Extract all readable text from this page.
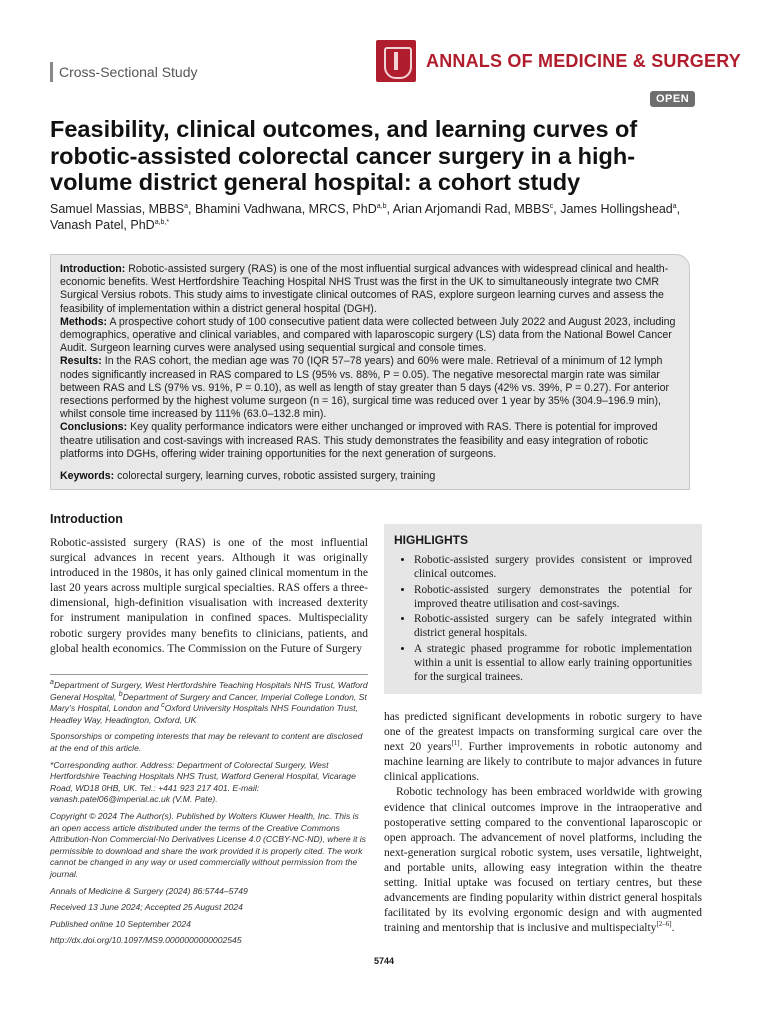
Cross-Sectional Study
ANNALS OF MEDICINE & SURGERY
OPEN
Feasibility, clinical outcomes, and learning curves of robotic-assisted colorectal cancer surgery in a high-volume district general hospital: a cohort study
Samuel Massias, MBBS$^a$, Bhamini Vadhwana, MRCS, PhD$^{a,b}$, Arian Arjomandi Rad, MBBS$^c$, James Hollingshead$^a$, Vanash Patel, PhD$^{a,b,*}$

Introduction: Robotic-assisted surgery (RAS) is one of the most influential surgical advances with widespread clinical and health-economic benefits. West Hertfordshire Teaching Hospital NHS Trust was the first in the UK to simultaneously integrate two CMR Surgical Versius robots. This study aims to investigate clinical outcomes of RAS, explore surgeon learning curves and assess the feasibility of implementation within a district general hospital (DGH).

Methods: A prospective cohort study of 100 consecutive patient data were collected between July 2022 and August 2023, including demographics, operative and clinical variables, and compared with laparoscopic surgery (LS) data from the National Bowel Cancer Audit. Surgeon learning curves were analysed using sequential surgical and console times.

Results: In the RAS cohort, the median age was 70 (IQR 57–78 years) and 60% were male. Retrieval of a minimum of 12 lymph nodes significantly increased in RAS compared to LS (95% vs. 88%, P = 0.05). The negative mesorectal margin rate was similar between RAS and LS (97% vs. 91%, P = 0.10), as well as length of stay greater than 5 days (42% vs. 39%, P = 0.27). For anterior resections performed by the highest volume surgeon (n = 16), surgical time was reduced over 1 year by 35% (304.9–196.9 min), whilst console time increased by 111% (63.0–132.8 min).

Conclusions: Key quality performance indicators were either unchanged or improved with RAS. There is potential for improved theatre utilisation and cost-savings with increased RAS. This study demonstrates the feasibility and easy integration of robotic platforms into DGHs, offering wider training opportunities for the next generation of surgeons.

Keywords: colorectal surgery, learning curves, robotic assisted surgery, training

Introduction

Robotic-assisted surgery (RAS) is one of the most influential surgical advances in recent years. Although it was originally introduced in the 1980s, it has only gained clinical momentum in the last 20 years across multiple surgical specialties. RAS offers a three-dimensional, high-definition visualisation with increased dexterity for instrument manipulation in confined spaces. Multispeciality robotic surgery provides many benefits to clinicians, patients, and global health economics. The Commission on the Future of Surgery

$^a$Department of Surgery, West Hertfordshire Teaching Hospitals NHS Trust, Watford General Hospital, $^b$Department of Surgery and Cancer, Imperial College London, St Mary’s Hospital, London and $^c$Oxford University Hospitals NHS Foundation Trust, Headley Way, Headington, Oxford, UK

Sponsorships or competing interests that may be relevant to content are disclosed at the end of this article.

*Corresponding author. Address: Department of Colorectal Surgery, West Hertfordshire Teaching Hospitals NHS Trust, Watford General Hospital, Vicarage Road, WD18 0HB, UK. Tel.: +441 923 217 401. E-mail: vanash.patel06@imperial.ac.uk (V.M. Pate).

Copyright © 2024 The Author(s). Published by Wolters Kluwer Health, Inc. This is an open access article distributed under the terms of the Creative Commons Attribution-Non Commercial-No Derivatives License 4.0 (CCBY-NC-ND), where it is permissible to download and share the work provided it is properly cited. The work cannot be changed in any way or used commercially without permission from the journal.

Annals of Medicine & Surgery (2024) 86:5744–5749

Received 13 June 2024; Accepted 25 August 2024

Published online 10 September 2024

http://dx.doi.org/10.1097/MS9.0000000000002545

HIGHLIGHTS
• Robotic-assisted surgery provides consistent or improved clinical outcomes.
• Robotic-assisted surgery demonstrates the potential for improved theatre utilisation and cost-savings.
• Robotic-assisted surgery can be safely integrated within district general hospitals.
• A strategic phased programme for robotic implementation within a unit is essential to allow early training opportunities for the surgical trainees.

has predicted significant developments in robotic surgery to have one of the greatest impacts on transforming surgical care over the next 20 years[1]. Further improvements in robotic autonomy and machine learning are likely to contribute to major advances in future clinical applications.

Robotic technology has been embraced worldwide with growing evidence that clinical outcomes improve in the intraoperative and postoperative setting compared to the conventional laparoscopic or open approach. The advancement of novel platforms, including the next-generation surgical robotic system, uses versatile, lightweight, and portable units, allowing easy integration within the theatre setting. Initial uptake was focused on tertiary centres, but these advancements are finding popularity within district general hospitals facilitated by its evolving ergonomic design and with augmented training and mentorship that is inclusive and multispecialty[2–6].

5744
